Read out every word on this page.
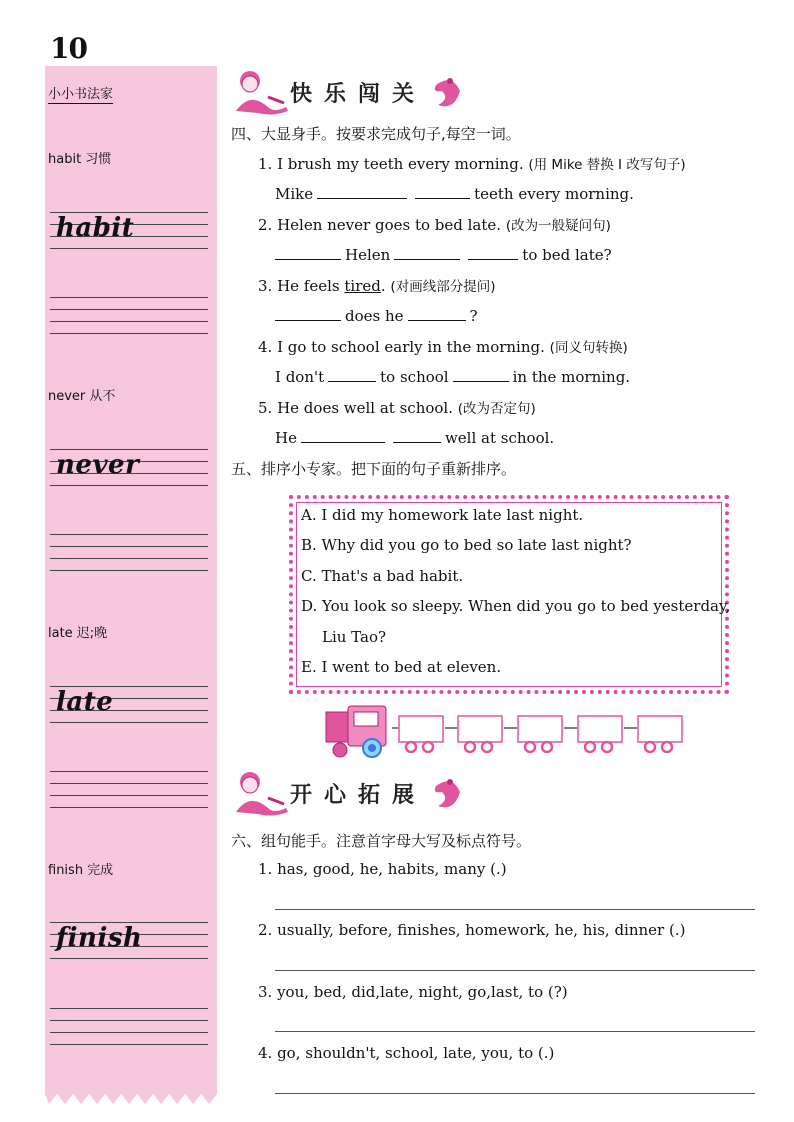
10
小小书法家
habit 习惯
habit
never 从不
never
late 迟;晚
late
finish 完成
finish
快乐闯关
四、大显身手。按要求完成句子,每空一词。
1. I brush my teeth every morning. (用 Mike 替换 I 改写句子)
Mike	teeth every morning.
2. Helen never goes to bed late. (改为一般疑问句)
Helen	to bed late?
3. He feels tired. (对画线部分提问)
does he	?
4. I go to school early in the morning. (同义句转换)
I don't	to school	in the morning.
5. He does well at school. (改为否定句)
He	well at school.
五、排序小专家。把下面的句子重新排序。
A. I did my homework late last night.
B. Why did you go to bed so late last night?
C. That's a bad habit.
D. You look so sleepy. When did you go to bed yesterday,
Liu Tao?
E. I went to bed at eleven.
开心拓展
六、组句能手。注意首字母大写及标点符号。
1. has, good, he, habits, many (.)
2. usually, before, finishes, homework, he, his, dinner (.)
3. you, bed, did,late, night, go,last, to (?)
4. go, shouldn't, school, late, you, to (.)
